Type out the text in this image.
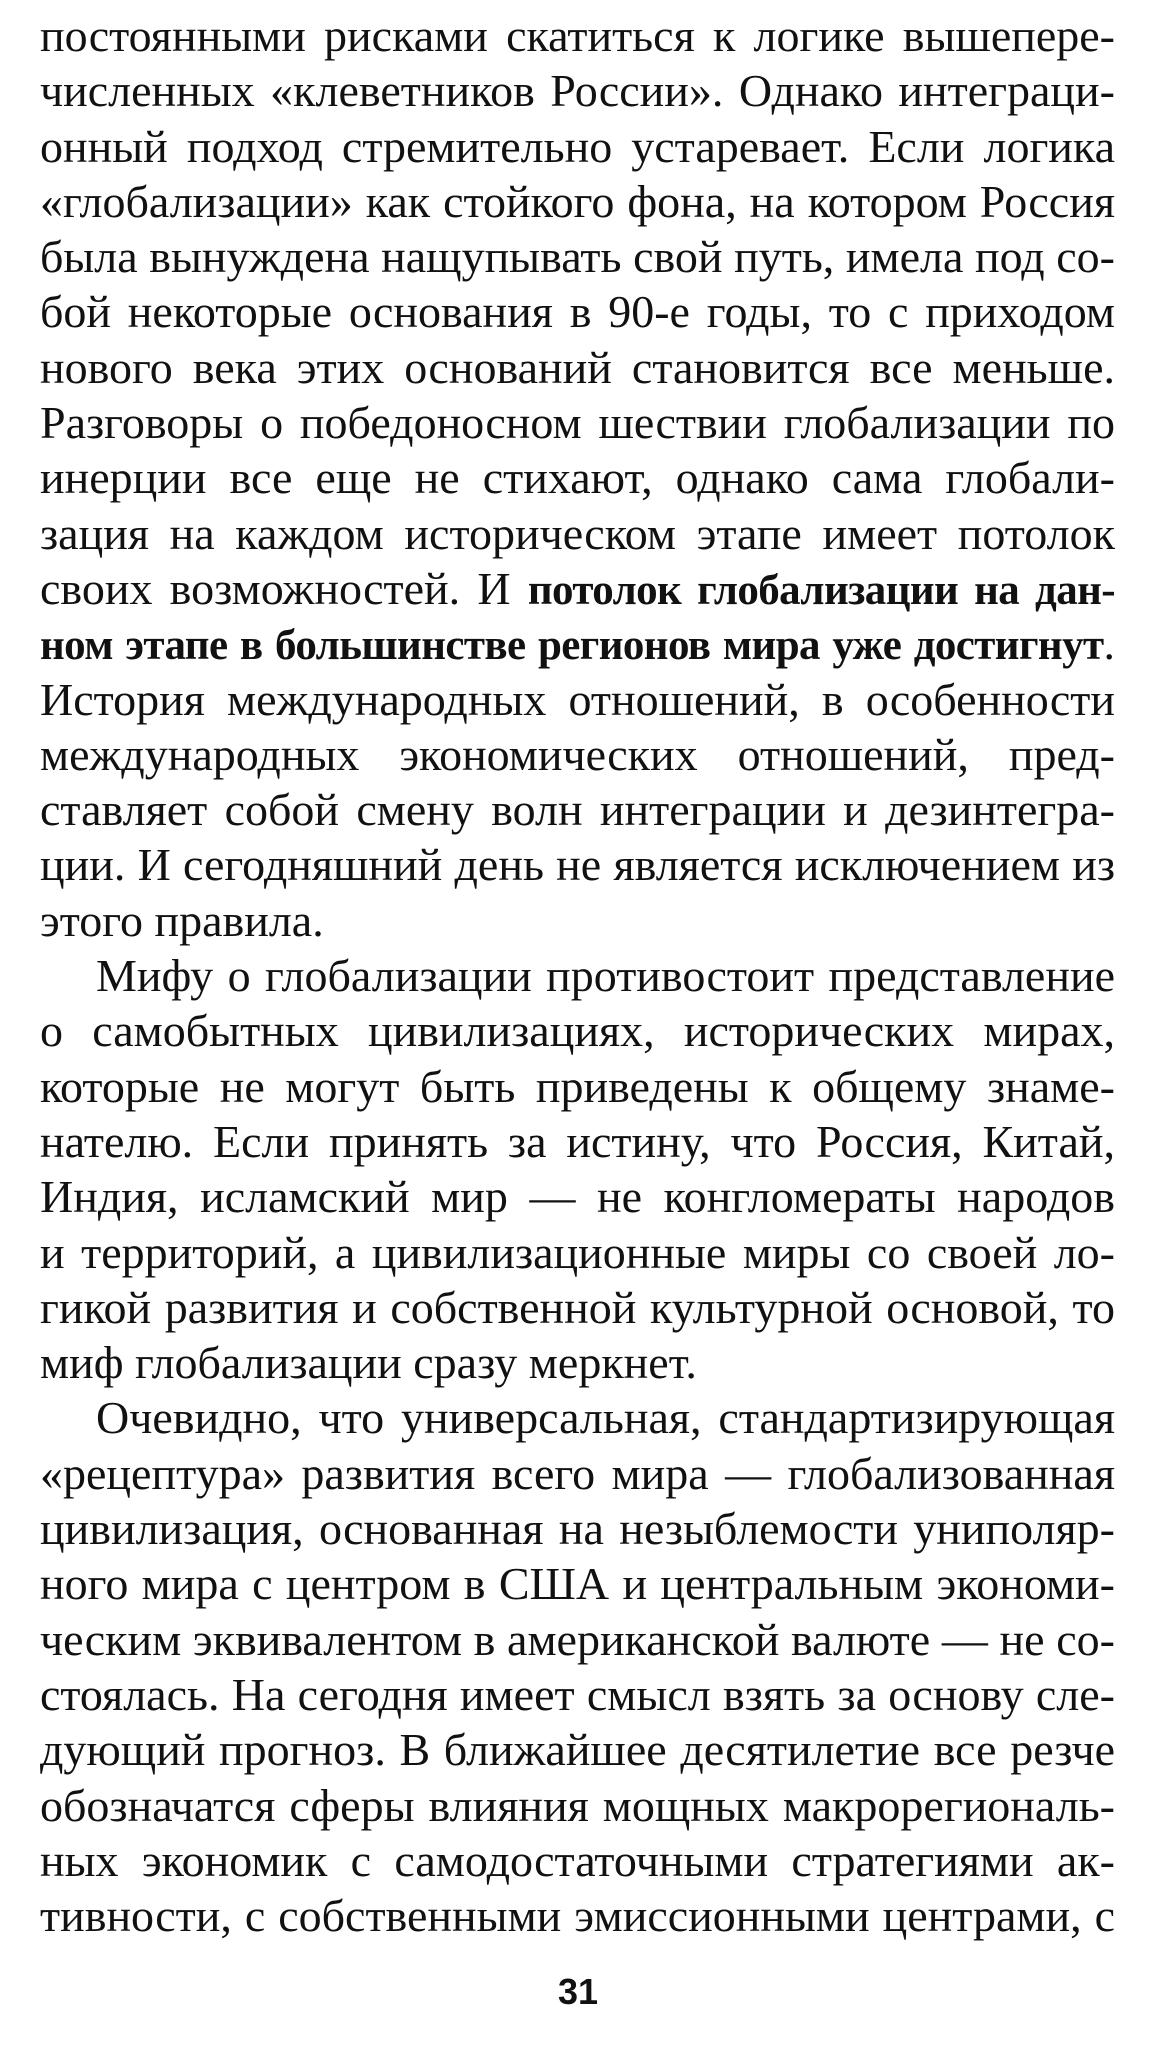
постоянными рисками скатиться к логике вышепере-
численных «клеветников России». Однако интеграци-
онный подход стремительно устаревает. Если логика
«глобализации» как стойкого фона, на котором Россия
была вынуждена нащупывать свой путь, имела под со-
бой некоторые основания в 90-е годы, то с приходом
нового века этих оснований становится все меньше.
Разговоры о победоносном шествии глобализации по
инерции все еще не стихают, однако сама глобали-
зация на каждом историческом этапе имеет потолок
своих возможностей. И потолок глобализации на дан-
ном этапе в большинстве регионов мира уже достигнут.
История международных отношений, в особенности
международных экономических отношений, пред-
ставляет собой смену волн интеграции и дезинтегра-
ции. И сегодняшний день не является исключением из
этого правила.
Мифу о глобализации противостоит представление
о самобытных цивилизациях, исторических мирах,
которые не могут быть приведены к общему знаме-
нателю. Если принять за истину, что Россия, Китай,
Индия, исламский мир — не конгломераты народов
и территорий, а цивилизационные миры со своей ло-
гикой развития и собственной культурной основой, то
миф глобализации сразу меркнет.
Очевидно, что универсальная, стандартизирующая
«рецептура» развития всего мира — глобализованная
цивилизация, основанная на незыблемости униполяр-
ного мира с центром в США и центральным экономи-
ческим эквивалентом в американской валюте — не со-
стоялась. На сегодня имеет смысл взять за основу сле-
дующий прогноз. В ближайшее десятилетие все резче
обозначатся сферы влияния мощных макрорегиональ-
ных экономик с самодостаточными стратегиями ак-
тивности, с собственными эмиссионными центрами, с
31
